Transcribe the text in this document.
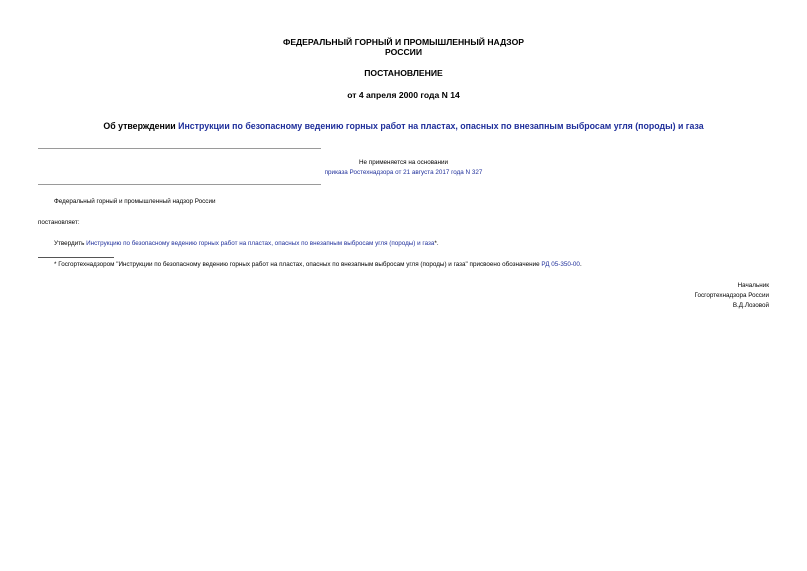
ФЕДЕРАЛЬНЫЙ ГОРНЫЙ И ПРОМЫШЛЕННЫЙ НАДЗОР
РОССИИ
ПОСТАНОВЛЕНИЕ
от 4 апреля 2000 года N 14
Об утверждении Инструкции по безопасному ведению горных работ на пластах, опасных по внезапным выбросам угля (породы) и газа
Не применяется на основании
приказа Ростехнадзора от 21 августа 2017 года N 327
Федеральный горный и промышленный надзор России
постановляет:
Утвердить Инструкцию по безопасному ведению горных работ на пластах, опасных по внезапным выбросам угля (породы) и газа*.
* Госгортехнадзором "Инструкции по безопасному ведению горных работ на пластах, опасных по внезапным выбросам угля (породы) и газа" присвоено обозначение РД 05-350-00.
Начальник
Госгортехнадзора России
В.Д.Лозовой
